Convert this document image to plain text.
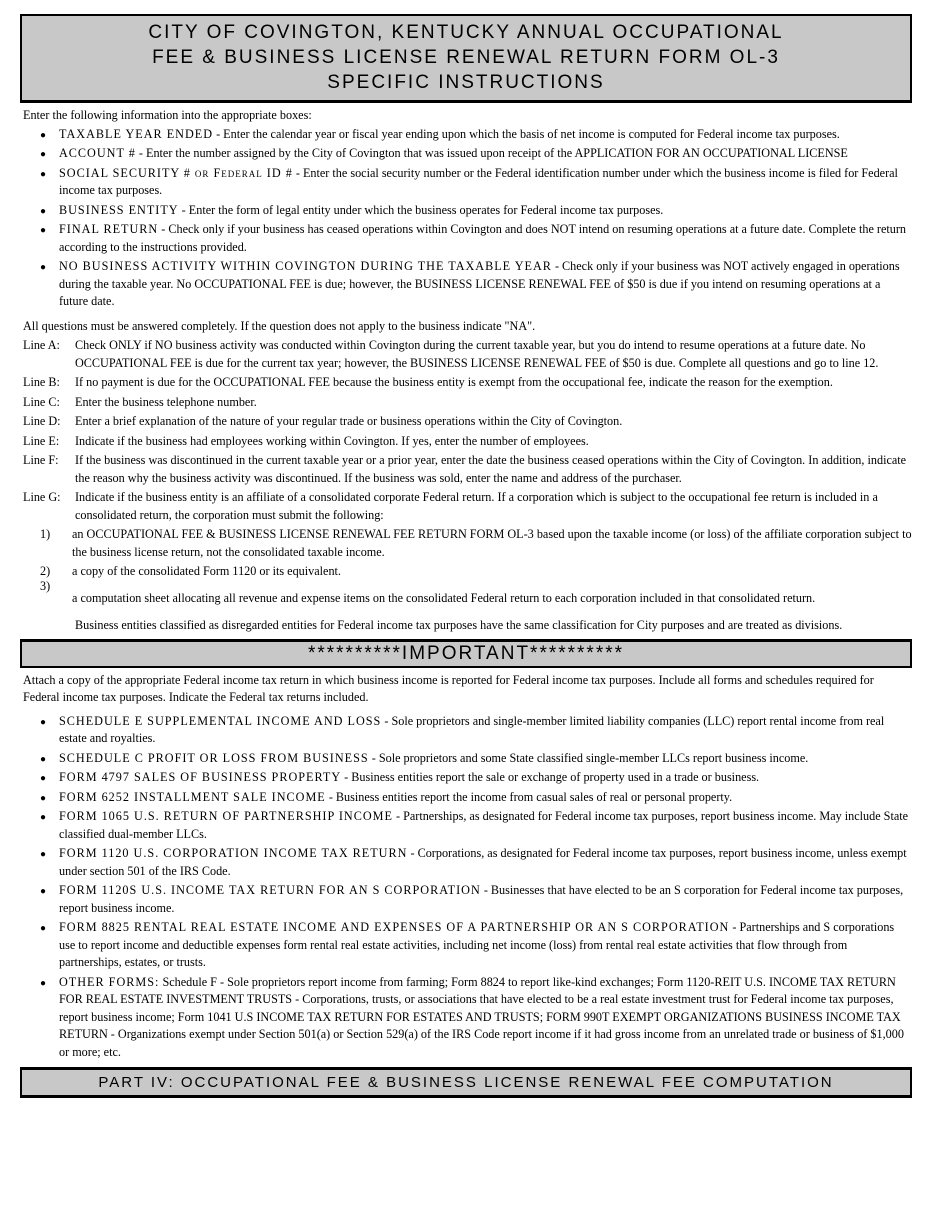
CITY OF COVINGTON, KENTUCKY ANNUAL OCCUPATIONAL
FEE & BUSINESS LICENSE RENEWAL RETURN FORM OL-3
SPECIFIC INSTRUCTIONS
Enter the following information into the appropriate boxes:
● TAXABLE YEAR ENDED - Enter the calendar year or fiscal year ending upon which the basis of net income is computed for Federal income tax purposes.
● ACCOUNT # - Enter the number assigned by the City of Covington that was issued upon receipt of the APPLICATION FOR AN OCCUPATIONAL LICENSE
● SOCIAL SECURITY # or Federal ID # - Enter the social security number or the Federal identification number under which the business income is filed for Federal income tax purposes.
● BUSINESS ENTITY - Enter the form of legal entity under which the business operates for Federal income tax purposes.
● FINAL RETURN - Check only if your business has ceased operations within Covington and does NOT intend on resuming operations at a future date. Complete the return according to the instructions provided.
● NO BUSINESS ACTIVITY WITHIN COVINGTON DURING THE TAXABLE YEAR - Check only if your business was NOT actively engaged in operations during the taxable year. No OCCUPATIONAL FEE is due; however, the BUSINESS LICENSE RENEWAL FEE of $50 is due if you intend on resuming operations at a future date.
All questions must be answered completely. If the question does not apply to the business indicate "NA".
Line A:	Check ONLY if NO business activity was conducted within Covington during the current taxable year, but you do intend to resume operations at a future date. No OCCUPATIONAL FEE is due for the current tax year; however, the BUSINESS LICENSE RENEWAL FEE of $50 is due. Complete all questions and go to line 12.
Line B:	If no payment is due for the OCCUPATIONAL FEE because the business entity is exempt from the occupational fee, indicate the reason for the exemption.
Line C:	Enter the business telephone number.
Line D:	Enter a brief explanation of the nature of your regular trade or business operations within the City of Covington.
Line E:	Indicate if the business had employees working within Covington. If yes, enter the number of employees.
Line F:	If the business was discontinued in the current taxable year or a prior year, enter the date the business ceased operations within the City of Covington. In addition, indicate the reason why the business activity was discontinued. If the business was sold, enter the name and address of the purchaser.
Line G:	Indicate if the business entity is an affiliate of a consolidated corporate Federal return. If a corporation which is subject to the occupational fee return is included in a consolidated return, the corporation must submit the following:
1)	an OCCUPATIONAL FEE & BUSINESS LICENSE RENEWAL FEE RETURN FORM OL-3 based upon the taxable income (or loss) of the affiliate corporation subject to the business license return, not the consolidated taxable income.
2)	a copy of the consolidated Form 1120 or its equivalent.
3)
a computation sheet allocating all revenue and expense items on the consolidated Federal return to each corporation included in that consolidated return.
Business entities classified as disregarded entities for Federal income tax purposes have the same classification for City purposes and are treated as divisions.
**********IMPORTANT**********
Attach a copy of the appropriate Federal income tax return in which business income is reported for Federal income tax purposes. Include all forms and schedules required for Federal income tax purposes. Indicate the Federal tax returns included.
● SCHEDULE E SUPPLEMENTAL INCOME AND LOSS - Sole proprietors and single-member limited liability companies (LLC) report rental income from real estate and royalties.
● SCHEDULE C PROFIT OR LOSS FROM BUSINESS - Sole proprietors and some State classified single-member LLCs report business income.
● FORM 4797 SALES OF BUSINESS PROPERTY - Business entities report the sale or exchange of property used in a trade or business.
● FORM 6252 INSTALLMENT SALE INCOME - Business entities report the income from casual sales of real or personal property.
● FORM 1065 U.S. RETURN OF PARTNERSHIP INCOME - Partnerships, as designated for Federal income tax purposes, report business income. May include State classified dual-member LLCs.
● FORM 1120 U.S. CORPORATION INCOME TAX RETURN - Corporations, as designated for Federal income tax purposes, report business income, unless exempt under section 501 of the IRS Code.
● FORM 1120S U.S. INCOME TAX RETURN FOR AN S CORPORATION - Businesses that have elected to be an S corporation for Federal income tax purposes, report business income.
● FORM 8825 RENTAL REAL ESTATE INCOME AND EXPENSES OF A PARTNERSHIP OR AN S CORPORATION - Partnerships and S corporations use to report income and deductible expenses form rental real estate activities, including net income (loss) from rental real estate activities that flow through from partnerships, estates, or trusts.
● OTHER FORMS: Schedule F - Sole proprietors report income from farming; Form 8824 to report like-kind exchanges; Form 1120-REIT U.S. INCOME TAX RETURN FOR REAL ESTATE INVESTMENT TRUSTS - Corporations, trusts, or associations that have elected to be a real estate investment trust for Federal income tax purposes, report business income; Form 1041 U.S INCOME TAX RETURN FOR ESTATES AND TRUSTS; FORM 990T EXEMPT ORGANIZATIONS BUSINESS INCOME TAX RETURN - Organizations exempt under Section 501(a) or Section 529(a) of the IRS Code report income if it had gross income from an unrelated trade or business of $1,000 or more; etc.
PART IV: OCCUPATIONAL FEE & BUSINESS LICENSE RENEWAL FEE COMPUTATION
